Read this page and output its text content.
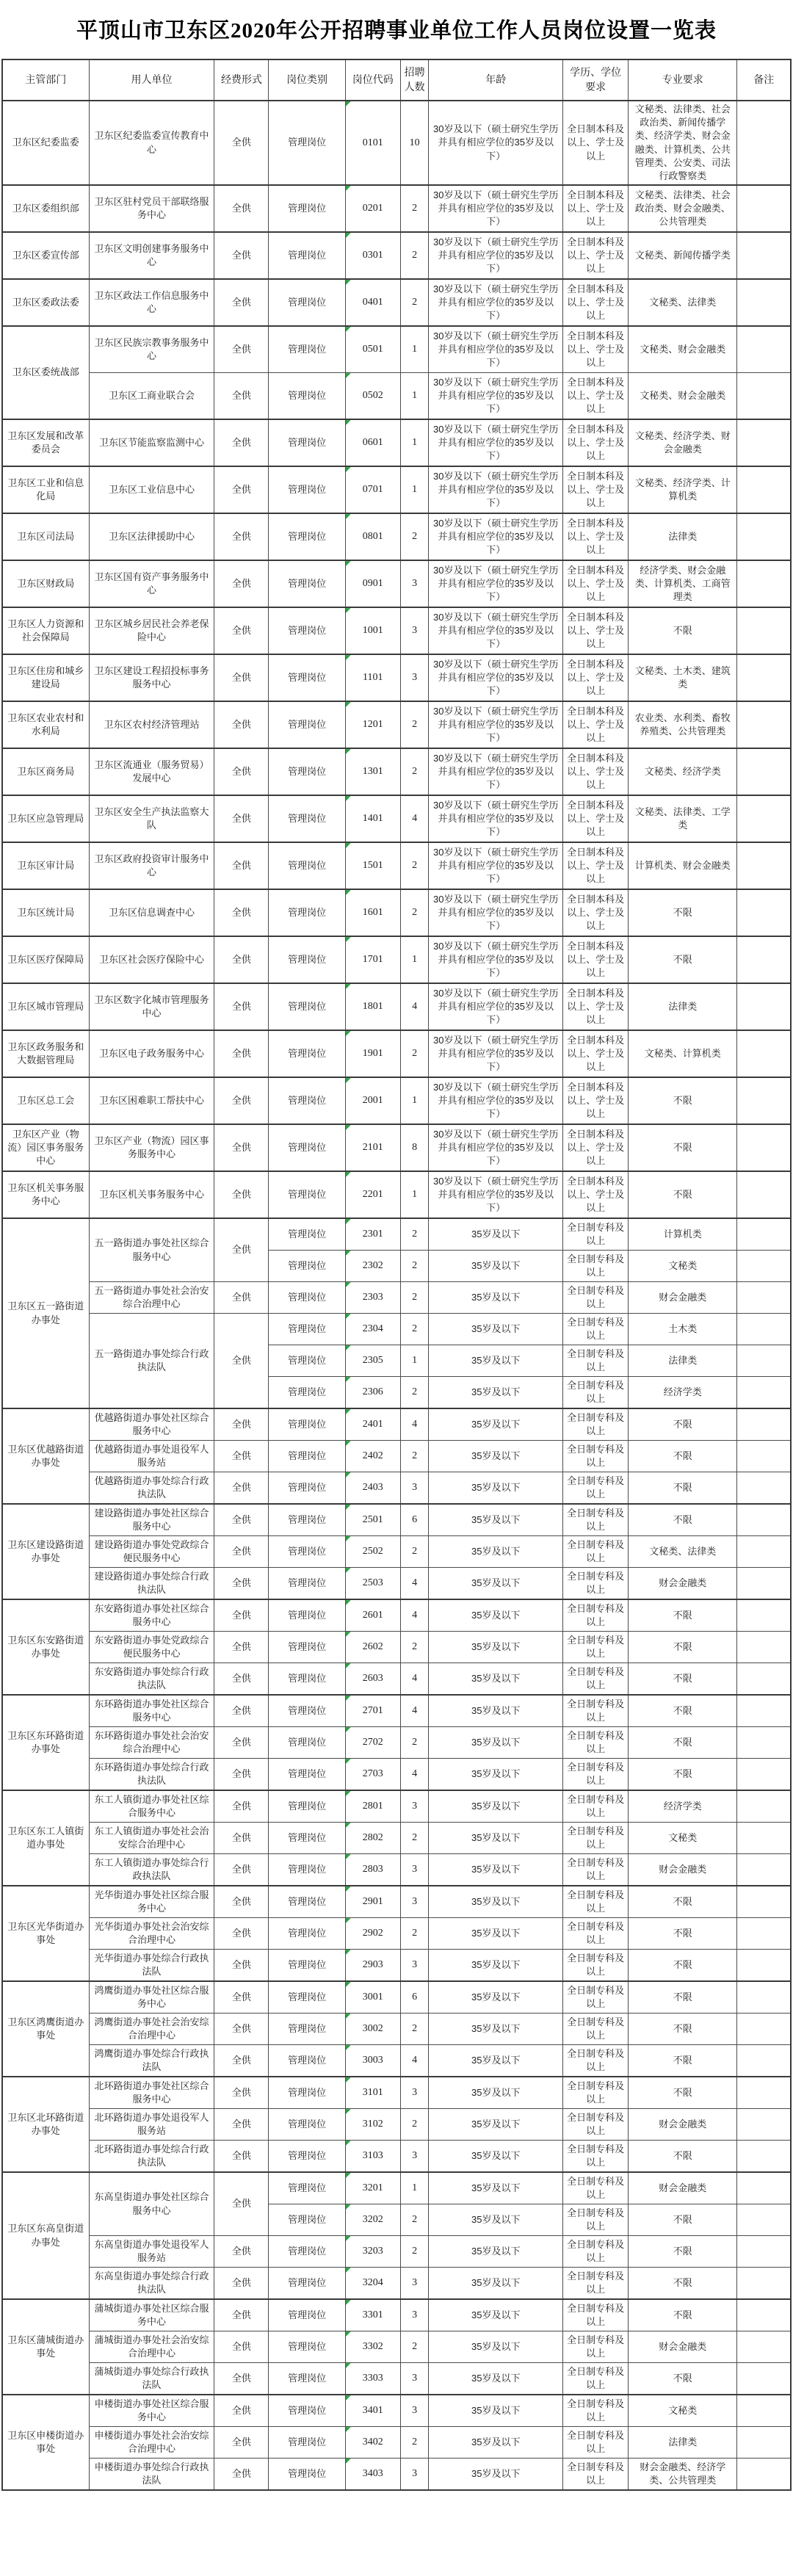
平顶山市卫东区2020年公开招聘事业单位工作人员岗位设置一览表
主管部门	用人单位	经费形式	岗位类别	岗位代码	招聘人数	年龄	学历、学位要求	专业要求	备注
卫东区纪委监委	卫东区纪委监委宣传教育中心	全供	管理岗位	0101	10	30岁及以下（硕士研究生学历并具有相应学位的35岁及以下）	全日制本科及以上、学士及以上	文秘类、法律类、社会政治类、新闻传播学类、经济学类、财会金融类、计算机类、公共管理类、公安类、司法行政警察类	
卫东区委组织部	卫东区驻村党员干部联络服务中心	全供	管理岗位	0201	2	30岁及以下（硕士研究生学历并具有相应学位的35岁及以下）	全日制本科及以上、学士及以上	文秘类、法律类、社会政治类、财会金融类、公共管理类	
卫东区委宣传部	卫东区文明创建事务服务中心	全供	管理岗位	0301	2	30岁及以下（硕士研究生学历并具有相应学位的35岁及以下）	全日制本科及以上、学士及以上	文秘类、新闻传播学类	
卫东区委政法委	卫东区政法工作信息服务中心	全供	管理岗位	0401	2	30岁及以下（硕士研究生学历并具有相应学位的35岁及以下）	全日制本科及以上、学士及以上	文秘类、法律类	
卫东区委统战部	卫东区民族宗教事务服务中心	全供	管理岗位	0501	1	30岁及以下（硕士研究生学历并具有相应学位的35岁及以下）	全日制本科及以上、学士及以上	文秘类、财会金融类	
	卫东区工商业联合会	全供	管理岗位	0502	1	30岁及以下（硕士研究生学历并具有相应学位的35岁及以下）	全日制本科及以上、学士及以上	文秘类、财会金融类	
卫东区发展和改革委员会	卫东区节能监察监测中心	全供	管理岗位	0601	1	30岁及以下（硕士研究生学历并具有相应学位的35岁及以下）	全日制本科及以上、学士及以上	文秘类、经济学类、财会金融类	
卫东区工业和信息化局	卫东区工业信息中心	全供	管理岗位	0701	1	30岁及以下（硕士研究生学历并具有相应学位的35岁及以下）	全日制本科及以上、学士及以上	文秘类、经济学类、计算机类	
卫东区司法局	卫东区法律援助中心	全供	管理岗位	0801	2	30岁及以下（硕士研究生学历并具有相应学位的35岁及以下）	全日制本科及以上、学士及以上	法律类	
卫东区财政局	卫东区国有资产事务服务中心	全供	管理岗位	0901	3	30岁及以下（硕士研究生学历并具有相应学位的35岁及以下）	全日制本科及以上、学士及以上	经济学类、财会金融类、计算机类、工商管理类	
卫东区人力资源和社会保障局	卫东区城乡居民社会养老保险中心	全供	管理岗位	1001	3	30岁及以下（硕士研究生学历并具有相应学位的35岁及以下）	全日制本科及以上、学士及以上	不限	
卫东区住房和城乡建设局	卫东区建设工程招投标事务服务中心	全供	管理岗位	1101	3	30岁及以下（硕士研究生学历并具有相应学位的35岁及以下）	全日制本科及以上、学士及以上	文秘类、土木类、建筑类	
卫东区农业农村和水利局	卫东区农村经济管理站	全供	管理岗位	1201	2	30岁及以下（硕士研究生学历并具有相应学位的35岁及以下）	全日制本科及以上、学士及以上	农业类、水利类、畜牧养殖类、公共管理类	
卫东区商务局	卫东区流通业（服务贸易）发展中心	全供	管理岗位	1301	2	30岁及以下（硕士研究生学历并具有相应学位的35岁及以下）	全日制本科及以上、学士及以上	文秘类、经济学类	
卫东区应急管理局	卫东区安全生产执法监察大队	全供	管理岗位	1401	4	30岁及以下（硕士研究生学历并具有相应学位的35岁及以下）	全日制本科及以上、学士及以上	文秘类、法律类、工学类	
卫东区审计局	卫东区政府投资审计服务中心	全供	管理岗位	1501	2	30岁及以下（硕士研究生学历并具有相应学位的35岁及以下）	全日制本科及以上、学士及以上	计算机类、财会金融类	
卫东区统计局	卫东区信息调查中心	全供	管理岗位	1601	2	30岁及以下（硕士研究生学历并具有相应学位的35岁及以下）	全日制本科及以上、学士及以上	不限	
卫东区医疗保障局	卫东区社会医疗保险中心	全供	管理岗位	1701	1	30岁及以下（硕士研究生学历并具有相应学位的35岁及以下）	全日制本科及以上、学士及以上	不限	
卫东区城市管理局	卫东区数字化城市管理服务中心	全供	管理岗位	1801	4	30岁及以下（硕士研究生学历并具有相应学位的35岁及以下）	全日制本科及以上、学士及以上	法律类	
卫东区政务服务和大数据管理局	卫东区电子政务服务中心	全供	管理岗位	1901	2	30岁及以下（硕士研究生学历并具有相应学位的35岁及以下）	全日制本科及以上、学士及以上	文秘类、计算机类	
卫东区总工会	卫东区困难职工帮扶中心	全供	管理岗位	2001	1	30岁及以下（硕士研究生学历并具有相应学位的35岁及以下）	全日制本科及以上、学士及以上	不限	
卫东区产业（物流）园区事务服务中心	卫东区产业（物流）园区事务服务中心	全供	管理岗位	2101	8	30岁及以下（硕士研究生学历并具有相应学位的35岁及以下）	全日制本科及以上、学士及以上	不限	
卫东区机关事务服务中心	卫东区机关事务服务中心	全供	管理岗位	2201	1	30岁及以下（硕士研究生学历并具有相应学位的35岁及以下）	全日制本科及以上、学士及以上	不限	
卫东区五一路街道办事处	五一路街道办事处社区综合服务中心	全供	管理岗位	2301	2	35岁及以下	全日制专科及以上	计算机类	
			管理岗位	2302	2	35岁及以下	全日制专科及以上	文秘类	
	五一路街道办事处社会治安综合治理中心	全供	管理岗位	2303	2	35岁及以下	全日制专科及以上	财会金融类	
	五一路街道办事处综合行政执法队	全供	管理岗位	2304	2	35岁及以下	全日制专科及以上	土木类	
			管理岗位	2305	1	35岁及以下	全日制专科及以上	法律类	
			管理岗位	2306	2	35岁及以下	全日制专科及以上	经济学类	
卫东区优越路街道办事处	优越路街道办事处社区综合服务中心	全供	管理岗位	2401	4	35岁及以下	全日制专科及以上	不限	
	优越路街道办事处退役军人服务站	全供	管理岗位	2402	2	35岁及以下	全日制专科及以上	不限	
	优越路街道办事处综合行政执法队	全供	管理岗位	2403	3	35岁及以下	全日制专科及以上	不限	
卫东区建设路街道办事处	建设路街道办事处社区综合服务中心	全供	管理岗位	2501	6	35岁及以下	全日制专科及以上	不限	
	建设路街道办事处党政综合便民服务中心	全供	管理岗位	2502	2	35岁及以下	全日制专科及以上	文秘类、法律类	
	建设路街道办事处综合行政执法队	全供	管理岗位	2503	4	35岁及以下	全日制专科及以上	财会金融类	
卫东区东安路街道办事处	东安路街道办事处社区综合服务中心	全供	管理岗位	2601	4	35岁及以下	全日制专科及以上	不限	
	东安路街道办事处党政综合便民服务中心	全供	管理岗位	2602	2	35岁及以下	全日制专科及以上	不限	
	东安路街道办事处综合行政执法队	全供	管理岗位	2603	4	35岁及以下	全日制专科及以上	不限	
卫东区东环路街道办事处	东环路街道办事处社区综合服务中心	全供	管理岗位	2701	4	35岁及以下	全日制专科及以上	不限	
	东环路街道办事处社会治安综合治理中心	全供	管理岗位	2702	2	35岁及以下	全日制专科及以上	不限	
	东环路街道办事处综合行政执法队	全供	管理岗位	2703	4	35岁及以下	全日制专科及以上	不限	
卫东区东工人镇街道办事处	东工人镇街道办事处社区综合服务中心	全供	管理岗位	2801	3	35岁及以下	全日制专科及以上	经济学类	
	东工人镇街道办事处社会治安综合治理中心	全供	管理岗位	2802	2	35岁及以下	全日制专科及以上	文秘类	
	东工人镇街道办事处综合行政执法队	全供	管理岗位	2803	3	35岁及以下	全日制专科及以上	财会金融类	
卫东区光华街道办事处	光华街道办事处社区综合服务中心	全供	管理岗位	2901	3	35岁及以下	全日制专科及以上	不限	
	光华街道办事处社会治安综合治理中心	全供	管理岗位	2902	2	35岁及以下	全日制专科及以上	不限	
	光华街道办事处综合行政执法队	全供	管理岗位	2903	3	35岁及以下	全日制专科及以上	不限	
卫东区鸿鹰街道办事处	鸿鹰街道办事处社区综合服务中心	全供	管理岗位	3001	6	35岁及以下	全日制专科及以上	不限	
	鸿鹰街道办事处社会治安综合治理中心	全供	管理岗位	3002	2	35岁及以下	全日制专科及以上	不限	
	鸿鹰街道办事处综合行政执法队	全供	管理岗位	3003	4	35岁及以下	全日制专科及以上	不限	
卫东区北环路街道办事处	北环路街道办事处社区综合服务中心	全供	管理岗位	3101	3	35岁及以下	全日制专科及以上	不限	
	北环路街道办事处退役军人服务站	全供	管理岗位	3102	2	35岁及以下	全日制专科及以上	财会金融类	
	北环路街道办事处综合行政执法队	全供	管理岗位	3103	3	35岁及以下	全日制专科及以上	不限	
卫东区东高皇街道办事处	东高皇街道办事处社区综合服务中心	全供	管理岗位	3201	1	35岁及以下	全日制专科及以上	财会金融类	
			管理岗位	3202	2	35岁及以下	全日制专科及以上	不限	
	东高皇街道办事处退役军人服务站	全供	管理岗位	3203	2	35岁及以下	全日制专科及以上	不限	
	东高皇街道办事处综合行政执法队	全供	管理岗位	3204	3	35岁及以下	全日制专科及以上	不限	
卫东区蒲城街道办事处	蒲城街道办事处社区综合服务中心	全供	管理岗位	3301	3	35岁及以下	全日制专科及以上	不限	
	蒲城街道办事处社会治安综合治理中心	全供	管理岗位	3302	2	35岁及以下	全日制专科及以上	财会金融类	
	蒲城街道办事处综合行政执法队	全供	管理岗位	3303	3	35岁及以下	全日制专科及以上	不限	
卫东区申楼街道办事处	申楼街道办事处社区综合服务中心	全供	管理岗位	3401	3	35岁及以下	全日制专科及以上	文秘类	
	申楼街道办事处社会治安综合治理中心	全供	管理岗位	3402	2	35岁及以下	全日制专科及以上	法律类	
	申楼街道办事处综合行政执法队	全供	管理岗位	3403	3	35岁及以下	全日制专科及以上	财会金融类、经济学类、公共管理类	
